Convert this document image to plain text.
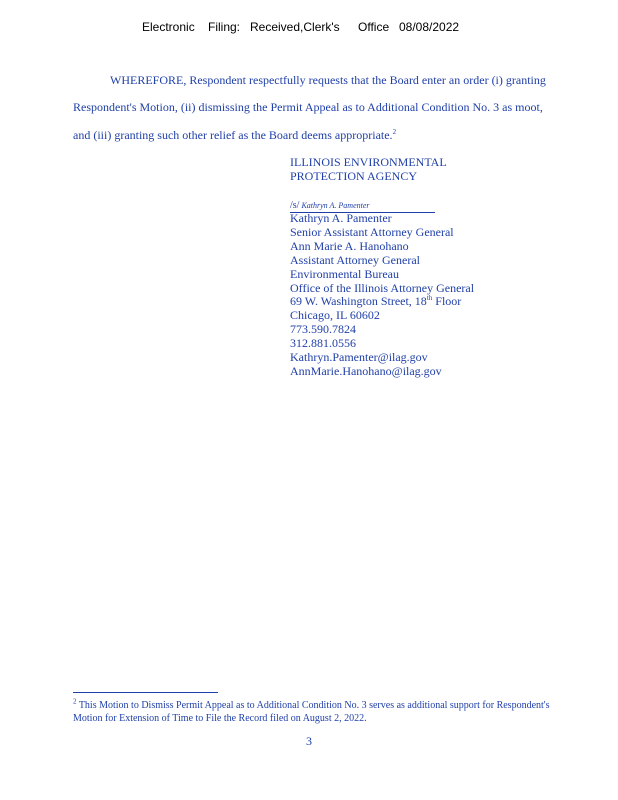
Electronic Filing: Received,Clerk's Office 08/08/2022
WHEREFORE, Respondent respectfully requests that the Board enter an order (i) granting
Respondent's Motion, (ii) dismissing the Permit Appeal as to Additional Condition No. 3 as moot,
and (iii) granting such other relief as the Board deems appropriate.$^2$
ILLINOIS ENVIRONMENTAL
PROTECTION AGENCY
/s/ Kathryn A. Pamenter
Kathryn A. Pamenter
Senior Assistant Attorney General
Ann Marie A. Hanohano
Assistant Attorney General
Environmental Bureau
Office of the Illinois Attorney General
69 W. Washington Street, 18th Floor
Chicago, IL 60602
773.590.7824
312.881.0556
Kathryn.Pamenter@ilag.gov
AnnMarie.Hanohano@ilag.gov
$^2$ This Motion to Dismiss Permit Appeal as to Additional Condition No. 3 serves as additional support for Respondent's Motion for Extension of Time to File the Record filed on August 2, 2022.
3
